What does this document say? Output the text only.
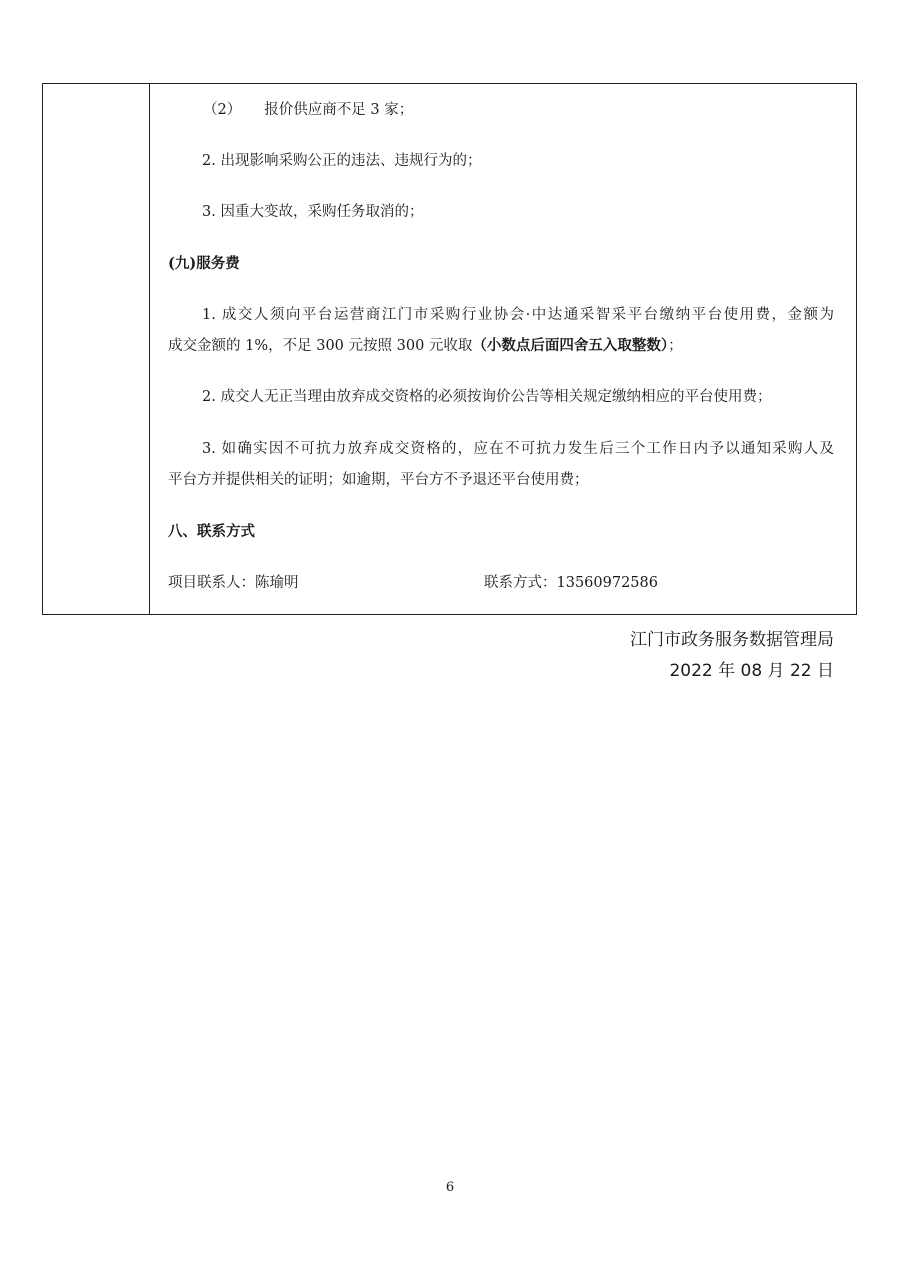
（2）     报价供应商不足 3 家；
2. 出现影响采购公正的违法、违规行为的；
3. 因重大变故，采购任务取消的；
(九)服务费
1. 成交人须向平台运营商江门市采购行业协会·中达通采智采平台缴纳平台使用费，金额为
成交金额的 1%，不足 300 元按照 300 元收取（小数点后面四舍五入取整数）；
2. 成交人无正当理由放弃成交资格的必须按询价公告等相关规定缴纳相应的平台使用费；
3. 如确实因不可抗力放弃成交资格的，应在不可抗力发生后三个工作日内予以通知采购人及
平台方并提供相关的证明；如逾期，平台方不予退还平台使用费；
八、联系方式
项目联系人：陈瑜明	联系方式：13560972586
江门市政务服务数据管理局
2022 年 08 月 22 日
6
